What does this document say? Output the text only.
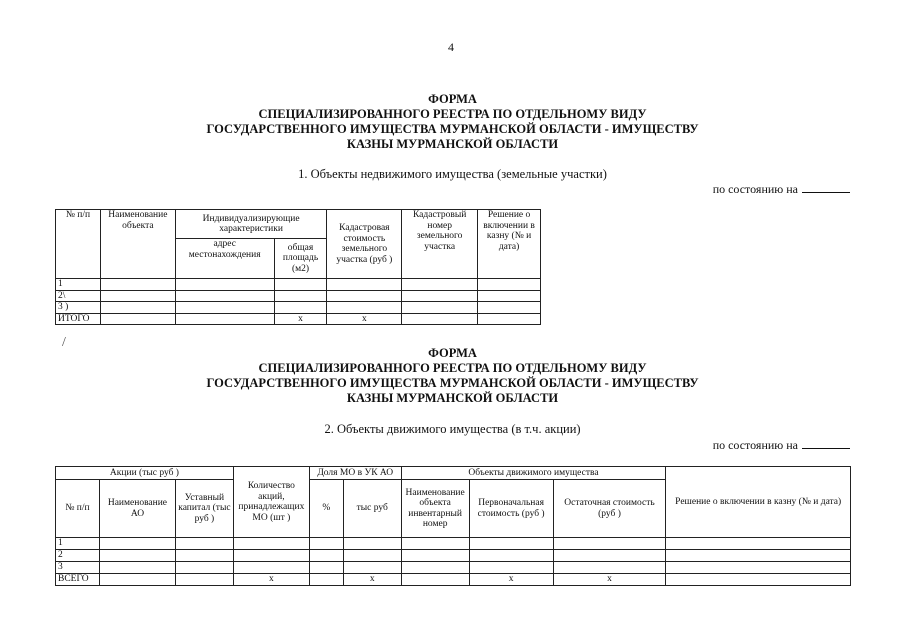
4
ФОРМА
СПЕЦИАЛИЗИРОВАННОГО РЕЕСТРА ПО ОТДЕЛЬНОМУ ВИДУ
ГОСУДАРСТВЕННОГО ИМУЩЕСТВА МУРМАНСКОЙ ОБЛАСТИ - ИМУЩЕСТВУ
КАЗНЫ МУРМАНСКОЙ ОБЛАСТИ
1. Объекты недвижимого имущества (земельные участки)
по состоянию на
№ п/п	Наименование объекта	Индивидуализирующие характеристики		Кадастровая стоимость земельного участка (руб )	Кадастровый номер земельного участка	Решение о включении в казну (№ и дата)
		адрес местонахождения	общая площадь (м2)			
1						
2\						
3 )						
ИТОГО			x	x		
/
ФОРМА
СПЕЦИАЛИЗИРОВАННОГО РЕЕСТРА ПО ОТДЕЛЬНОМУ ВИДУ
ГОСУДАРСТВЕННОГО ИМУЩЕСТВА МУРМАНСКОЙ ОБЛАСТИ - ИМУЩЕСТВУ
КАЗНЫ МУРМАНСКОЙ ОБЛАСТИ
2. Объекты движимого имущества (в т.ч. акции)
по состоянию на
Акции (тыс руб )			Количество акций, принадлежащих МО (шт )	Доля МО в УК АО		Объекты движимого имущества			Решение о включении в казну (№ и дата)
№ п/п	Наименование АО	Уставный капитал (тыс руб )		%	тыс руб	Наименование объекта инвентарный номер	Первоначальная стоимость (руб )	Остаточная стоимость (руб )	
1									
2									
3									
ВСЕГО			x		x		x	x	
